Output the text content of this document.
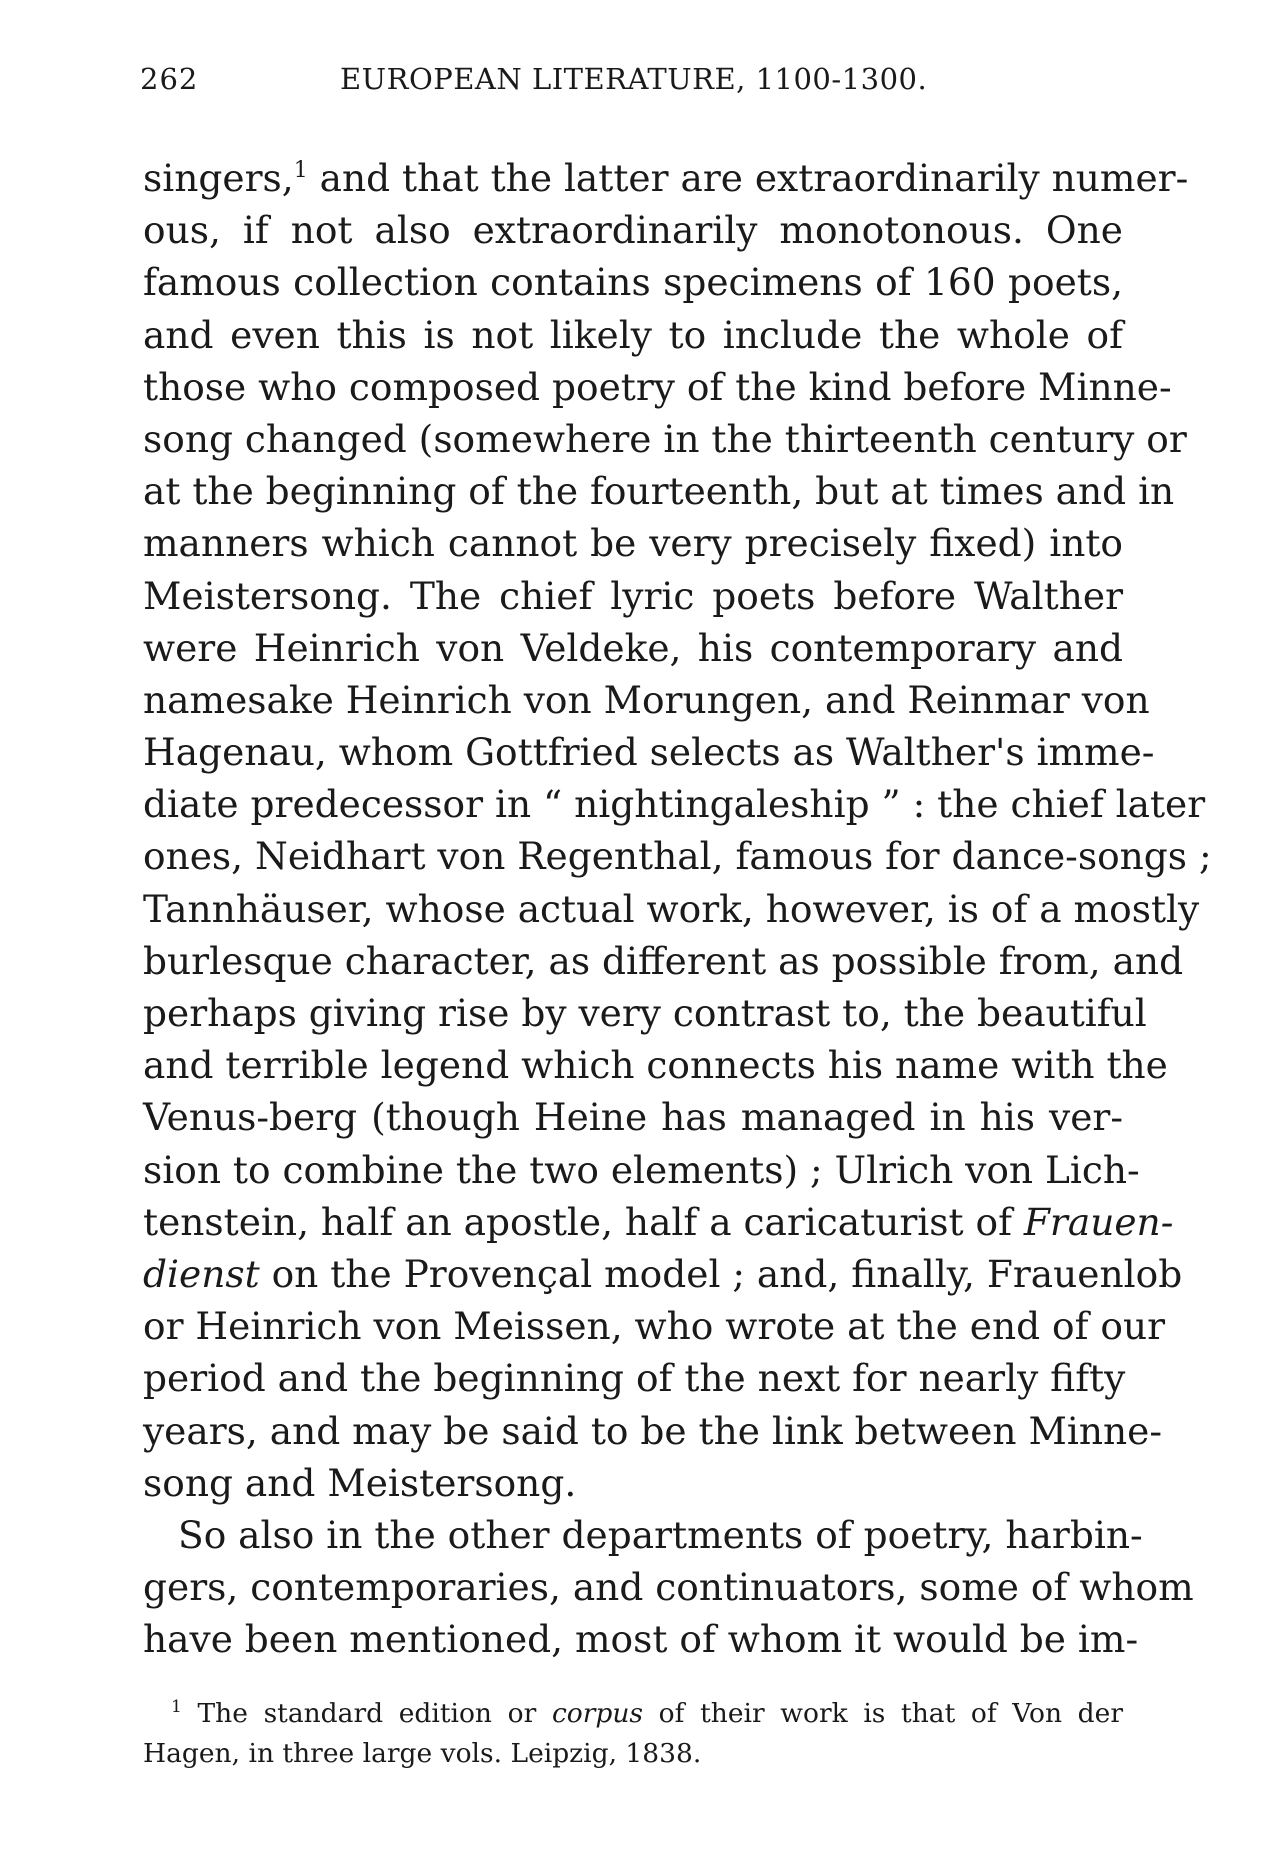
262	EUROPEAN LITERATURE, 1100-1300.
singers,$^1$ and that the latter are extraordinarily numer-
ous, if not also extraordinarily monotonous. One
famous collection contains specimens of 160 poets,
and even this is not likely to include the whole of
those who composed poetry of the kind before Minne-
song changed (somewhere in the thirteenth century or
at the beginning of the fourteenth, but at times and in
manners which cannot be very precisely fixed) into
Meistersong. The chief lyric poets before Walther
were Heinrich von Veldeke, his contemporary and
namesake Heinrich von Morungen, and Reinmar von
Hagenau, whom Gottfried selects as Walther's imme-
diate predecessor in “ nightingaleship ” : the chief later
ones, Neidhart von Regenthal, famous for dance-songs ;
Tannhäuser, whose actual work, however, is of a mostly
burlesque character, as different as possible from, and
perhaps giving rise by very contrast to, the beautiful
and terrible legend which connects his name with the
Venus-berg (though Heine has managed in his ver-
sion to combine the two elements) ; Ulrich von Lich-
tenstein, half an apostle, half a caricaturist of Frauen-
dienst on the Provençal model ; and, finally, Frauenlob
or Heinrich von Meissen, who wrote at the end of our
period and the beginning of the next for nearly fifty
years, and may be said to be the link between Minne-
song and Meistersong.
So also in the other departments of poetry, harbin-
gers, contemporaries, and continuators, some of whom
have been mentioned, most of whom it would be im-
$^1$ The standard edition or corpus of their work is that of Von der
Hagen, in three large vols. Leipzig, 1838.
